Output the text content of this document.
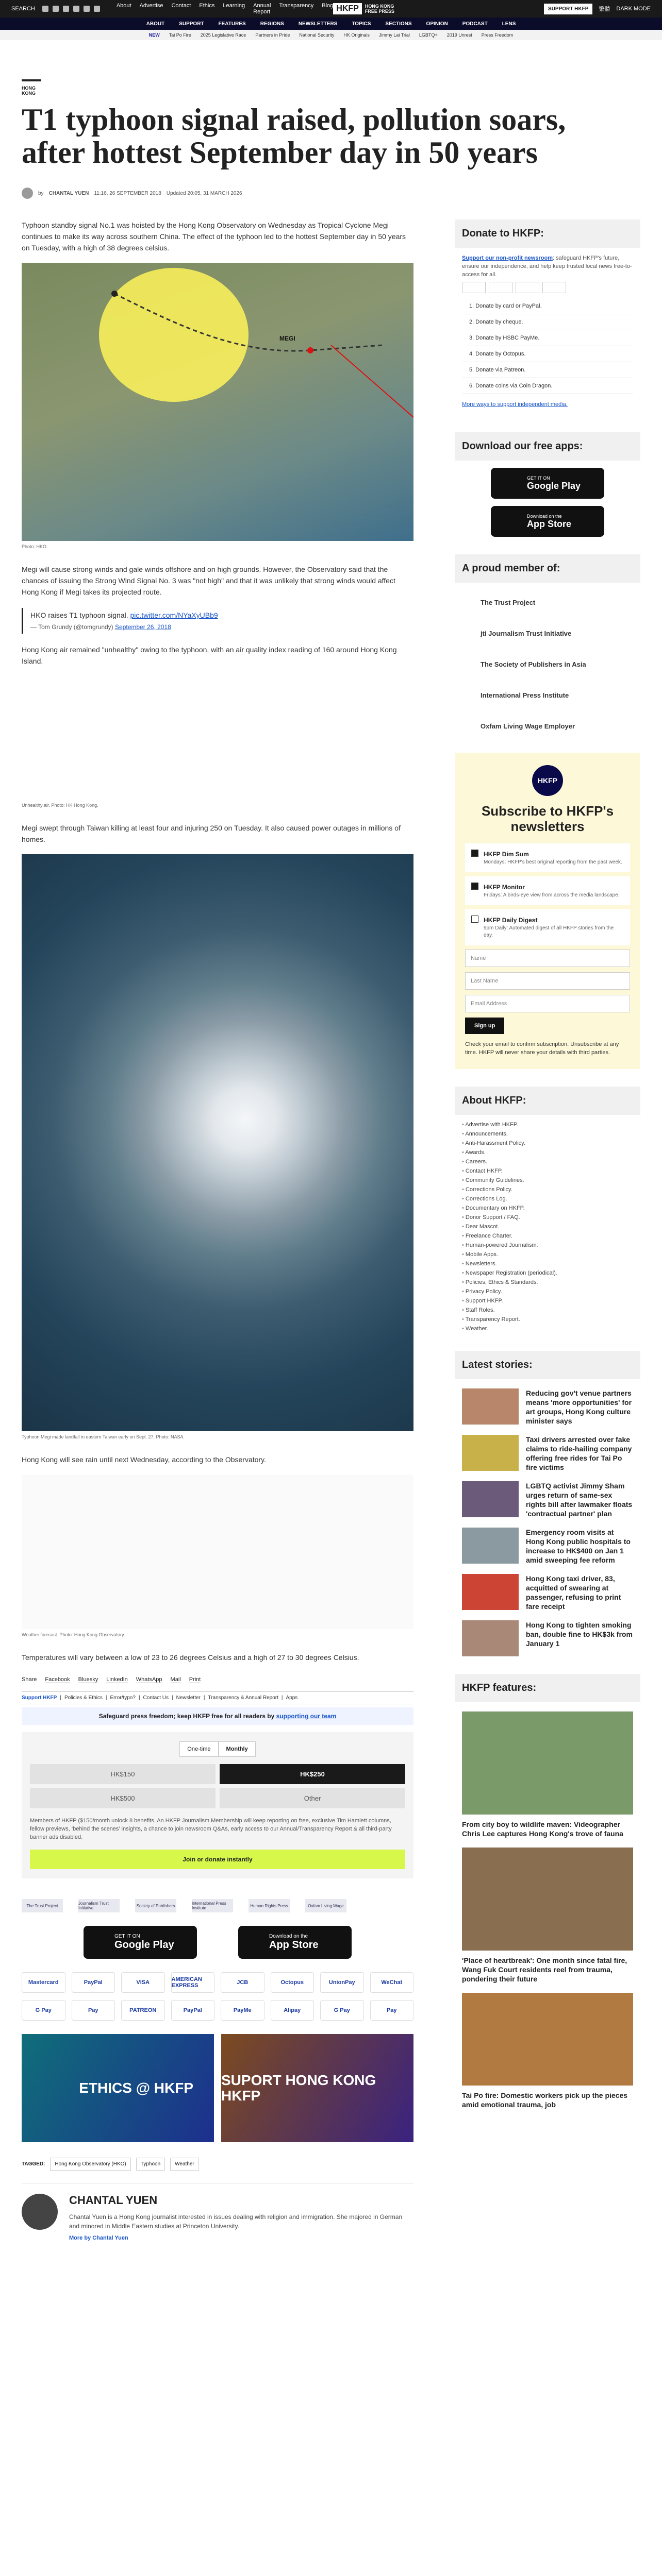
SEARCH	About Advertise Contact Ethics Learning Annual Report
Transparency Blog HKFP	HONG KONG
FREE PRESS	SUPPORT HKFP	繁體 DARK MODE
ABOUT	SUPPORT	FEATURES	REGIONS	NEWSLETTERS	TOPICS	SECTIONS	OPINION	PODCAST	LENS
NEW Tai Po Fire 2025 Legislative Race Partners in Pride National Security HK Originals Jimmy Lai Trial LGBTQ+ 2019 Unrest Press Freedom
HONG KONG
T1 typhoon signal raised, pollution soars, after hottest September day in 50 years
by CHANTAL YUEN 11:16, 26 SEPTEMBER 2018 Updated 20:05, 31 MARCH 2026

Typhoon standby signal No.1 was hoisted by the Hong Kong Observatory on Wednesday as Tropical Cyclone Megi continues to make its way across southern China. The effect of the typhoon led to the hottest September day in 50 years on Tuesday, with a high of 38 degrees celsius.

MEGI
Photo: HKO.

Megi will cause strong winds and gale winds offshore and on high grounds. However, the Observatory said that the chances of issuing the Strong Wind Signal No. 3 was "not high" and that it was unlikely that strong winds would affect Hong Kong if Megi takes its projected route.

HKO raises T1 typhoon signal. pic.twitter.com/NYaXyUBb9
— Tom Grundy (@tomgrundy) September 26, 2018

Hong Kong air remained "unhealthy" owing to the typhoon, with an air quality index reading of 160 around Hong Kong Island.

Unhealthy air. Photo: HK Hong Kong.

Megi swept through Taiwan killing at least four and injuring 250 on Tuesday. It also caused power outages in millions of homes.

Typhoon Megi made landfall in eastern Taiwan early on Sept. 27. Photo: NASA.

Hong Kong will see rain until next Wednesday, according to the Observatory.

Weather forecast. Photo: Hong Kong Observatory.

Temperatures will vary between a low of 23 to 26 degrees Celsius and a high of 27 to 30 degrees Celsius.

Share Facebook Bluesky LinkedIn WhatsApp Mail Print
Support HKFP | Policies & Ethics | Error/typo? | Contact Us | Newsletter | Transparency & Annual Report | Apps
Safeguard press freedom; keep HKFP free for all readers by supporting our team
One-time	Monthly
HK$150	HK$250
HK$500	Other
Members of HKFP ($150/month unlock 8 benefits. An HKFP Journalism Membership will keep reporting on free, exclusive Tim Hamlett columns, fellow previews, ‘behind the scenes’ insights, a chance to join newsroom Q&As, early access to our Annual/Transparency Report & all third-party banner ads disabled.
Join or donate instantly
The Trust Project	Journalism Trust Initiative	Society of Publishers	International Press Institute	Human Rights Press	Oxfam Living Wage
GET IT ON
Google Play
Download on the
App Store
Mastercard	PayPal	VISA	AMERICAN EXPRESS	JCB	Octopus	UnionPay	WeChat
G Pay	Pay	PATREON	PayPal	PayMe	Alipay	G Pay	Pay
ETHICS @ HKFP	SUPORT HONG KONG HKFP
TAGGED:	Hong Kong Observatory (HKO)	Typhoon	Weather
CHANTAL YUEN

Chantal Yuen is a Hong Kong journalist interested in issues dealing with religion and immigration. She majored in German and minored in Middle Eastern studies at Princeton University.

More by Chantal Yuen
Donate to HKFP:
Support our non-profit newsroom: safeguard HKFP's future, ensure our independence, and help keep trusted local news free-to-access for all.
1. Donate by card or PayPal.
2. Donate by cheque.
3. Donate by HSBC PayMe.
4. Donate by Octopus.
5. Donate via Patreon.
6. Donate coins via Coin Dragon.
More ways to support independent media.
Download our free apps:
GET IT ON
Google Play
Download on the
App Store
A proud member of:
The Trust Project
jti Journalism Trust Initiative
The Society of Publishers in Asia
International Press Institute
Oxfam Living Wage Employer
HKFP
Subscribe to HKFP's newsletters
HKFP Dim Sum
Mondays: HKFP's best original reporting from the past week.
HKFP Monitor
Fridays: A birds-eye view from across the media landscape.
HKFP Daily Digest
9pm Daily: Automated digest of all HKFP stories from the day.
Name
Last Name
Email Address
Sign up
Check your email to confirm subscription. Unsubscribe at any time. HKFP will never share your details with third parties.
About HKFP:
• Advertise with HKFP.
• Announcements.
• Anti-Harassment Policy.
• Awards.
• Careers.
• Contact HKFP.
• Community Guidelines.
• Corrections Policy.
• Corrections Log.
• Documentary on HKFP.
• Donor Support / FAQ.
• Dear Mascot.
• Freelance Charter.
• Human-powered Journalism.
• Mobile Apps.
• Newsletters.
• Newspaper Registration (periodical).
• Policies, Ethics & Standards.
• Privacy Policy.
• Support HKFP.
• Staff Roles.
• Transparency Report.
• Weather.
Latest stories:
Reducing gov't venue partners means 'more opportunities' for art groups, Hong Kong culture minister says
Taxi drivers arrested over fake claims to ride-hailing company offering free rides for Tai Po fire victims
LGBTQ activist Jimmy Sham urges return of same-sex rights bill after lawmaker floats 'contractual partner' plan
Emergency room visits at Hong Kong public hospitals to increase to HK$400 on Jan 1 amid sweeping fee reform
Hong Kong taxi driver, 83, acquitted of swearing at passenger, refusing to print fare receipt
Hong Kong to tighten smoking ban, double fine to HK$3k from January 1
HKFP features:
From city boy to wildlife maven: Videographer Chris Lee captures Hong Kong's trove of fauna
'Place of heartbreak': One month since fatal fire, Wang Fuk Court residents reel from trauma, pondering their future
Tai Po fire: Domestic workers pick up the pieces amid emotional trauma, job
